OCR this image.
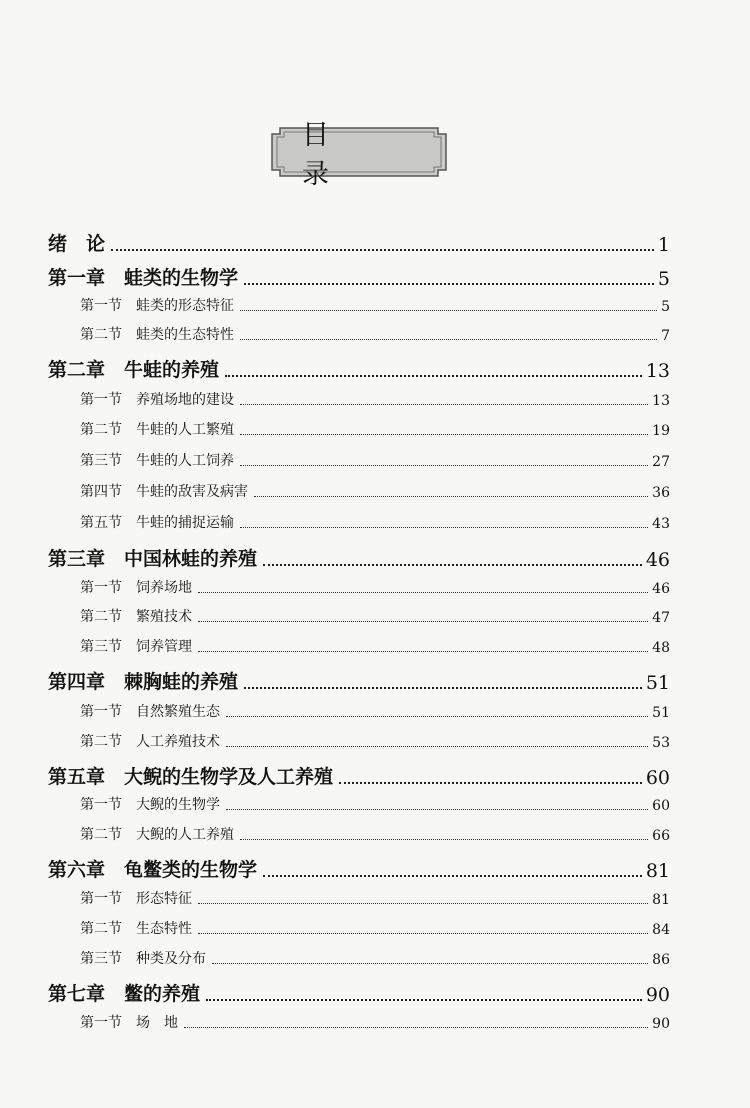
目 录
绪　论	1
第一章　蛙类的生物学	5
第一节　蛙类的形态特征	5
第二节　蛙类的生态特性	7
第二章　牛蛙的养殖	13
第一节　养殖场地的建设	13
第二节　牛蛙的人工繁殖	19
第三节　牛蛙的人工饲养	27
第四节　牛蛙的敌害及病害	36
第五节　牛蛙的捕捉运输	43
第三章　中国林蛙的养殖	46
第一节　饲养场地	46
第二节　繁殖技术	47
第三节　饲养管理	48
第四章　棘胸蛙的养殖	51
第一节　自然繁殖生态	51
第二节　人工养殖技术	53
第五章　大鲵的生物学及人工养殖	60
第一节　大鲵的生物学	60
第二节　大鲵的人工养殖	66
第六章　龟鳖类的生物学	81
第一节　形态特征	81
第二节　生态特性	84
第三节　种类及分布	86
第七章　鳖的养殖	90
第一节　场　地	90
